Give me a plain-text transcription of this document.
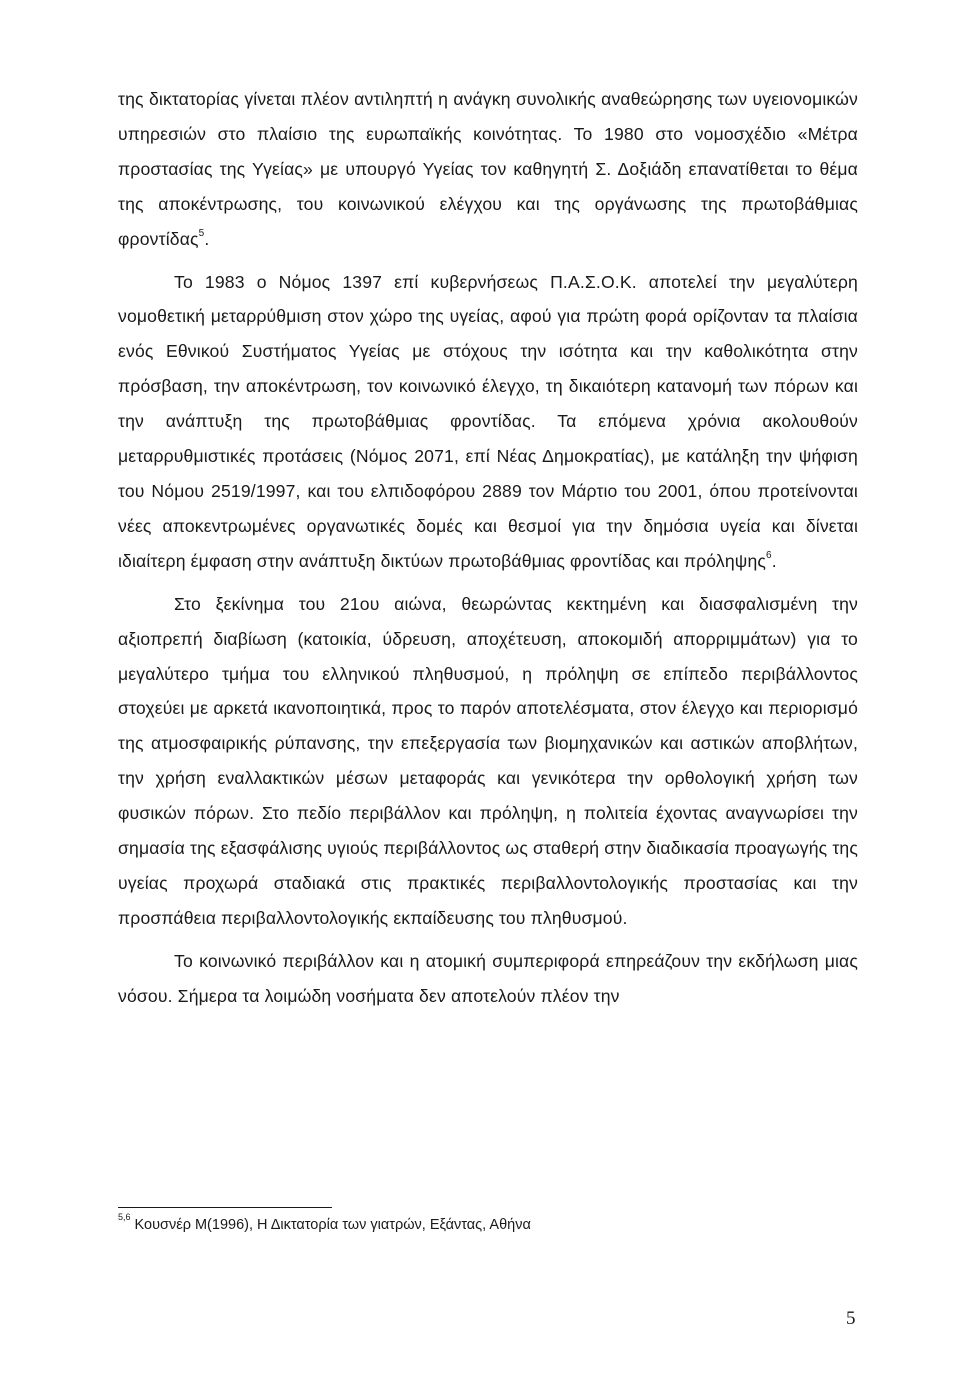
της δικτατορίας γίνεται πλέον αντιληπτή η ανάγκη συνολικής αναθεώρησης των υγειονομικών υπηρεσιών στο πλαίσιο της ευρωπαϊκής κοινότητας. Το 1980 στο νομοσχέδιο «Μέτρα προστασίας της Υγείας» με υπουργό Υγείας τον καθηγητή Σ. Δοξιάδη επανατίθεται το θέμα της αποκέντρωσης, του κοινωνικού ελέγχου και της οργάνωσης της πρωτοβάθμιας φροντίδας$^5$.

Το 1983 ο Νόμος 1397 επί κυβερνήσεως Π.Α.Σ.Ο.Κ. αποτελεί την μεγαλύτερη νομοθετική μεταρρύθμιση στον χώρο της υγείας, αφού για πρώτη φορά ορίζονταν τα πλαίσια ενός Εθνικού Συστήματος Υγείας με στόχους την ισότητα και την καθολικότητα στην πρόσβαση, την αποκέντρωση, τον κοινωνικό έλεγχο, τη δικαιότερη κατανομή των πόρων και την ανάπτυξη της πρωτοβάθμιας φροντίδας. Τα επόμενα χρόνια ακολουθούν μεταρρυθμιστικές προτάσεις (Νόμος 2071, επί Νέας Δημοκρατίας), με κατάληξη την ψήφιση του Νόμου 2519/1997, και του ελπιδοφόρου 2889 τον Μάρτιο του 2001, όπου προτείνονται νέες αποκεντρωμένες οργανωτικές δομές και θεσμοί για την δημόσια υγεία και δίνεται ιδιαίτερη έμφαση στην ανάπτυξη δικτύων πρωτοβάθμιας φροντίδας και πρόληψης$^6$.

Στο ξεκίνημα του 21ου αιώνα, θεωρώντας κεκτημένη και διασφαλισμένη την αξιοπρεπή διαβίωση (κατοικία, ύδρευση, αποχέτευση, αποκομιδή απορριμμάτων) για το μεγαλύτερο τμήμα του ελληνικού πληθυσμού, η πρόληψη σε επίπεδο περιβάλλοντος στοχεύει με αρκετά ικανοποιητικά, προς το παρόν αποτελέσματα, στον έλεγχο και περιορισμό της ατμοσφαιρικής ρύπανσης, την επεξεργασία των βιομηχανικών και αστικών αποβλήτων, την χρήση εναλλακτικών μέσων μεταφοράς και γενικότερα την ορθολογική χρήση των φυσικών πόρων. Στο πεδίο περιβάλλον και πρόληψη, η πολιτεία έχοντας αναγνωρίσει την σημασία της εξασφάλισης υγιούς περιβάλλοντος ως σταθερή στην διαδικασία προαγωγής της υγείας προχωρά σταδιακά στις πρακτικές περιβαλλοντολογικής προστασίας και την προσπάθεια περιβαλλοντολογικής εκπαίδευσης του πληθυσμού.

Το κοινωνικό περιβάλλον και η ατομική συμπεριφορά επηρεάζουν την εκδήλωση μιας νόσου. Σήμερα τα λοιμώδη νοσήματα δεν αποτελούν πλέον την

$^{5,6}$ Κουσνέρ Μ(1996), Η Δικτατορία των γιατρών, Εξάντας, Αθήνα
5
